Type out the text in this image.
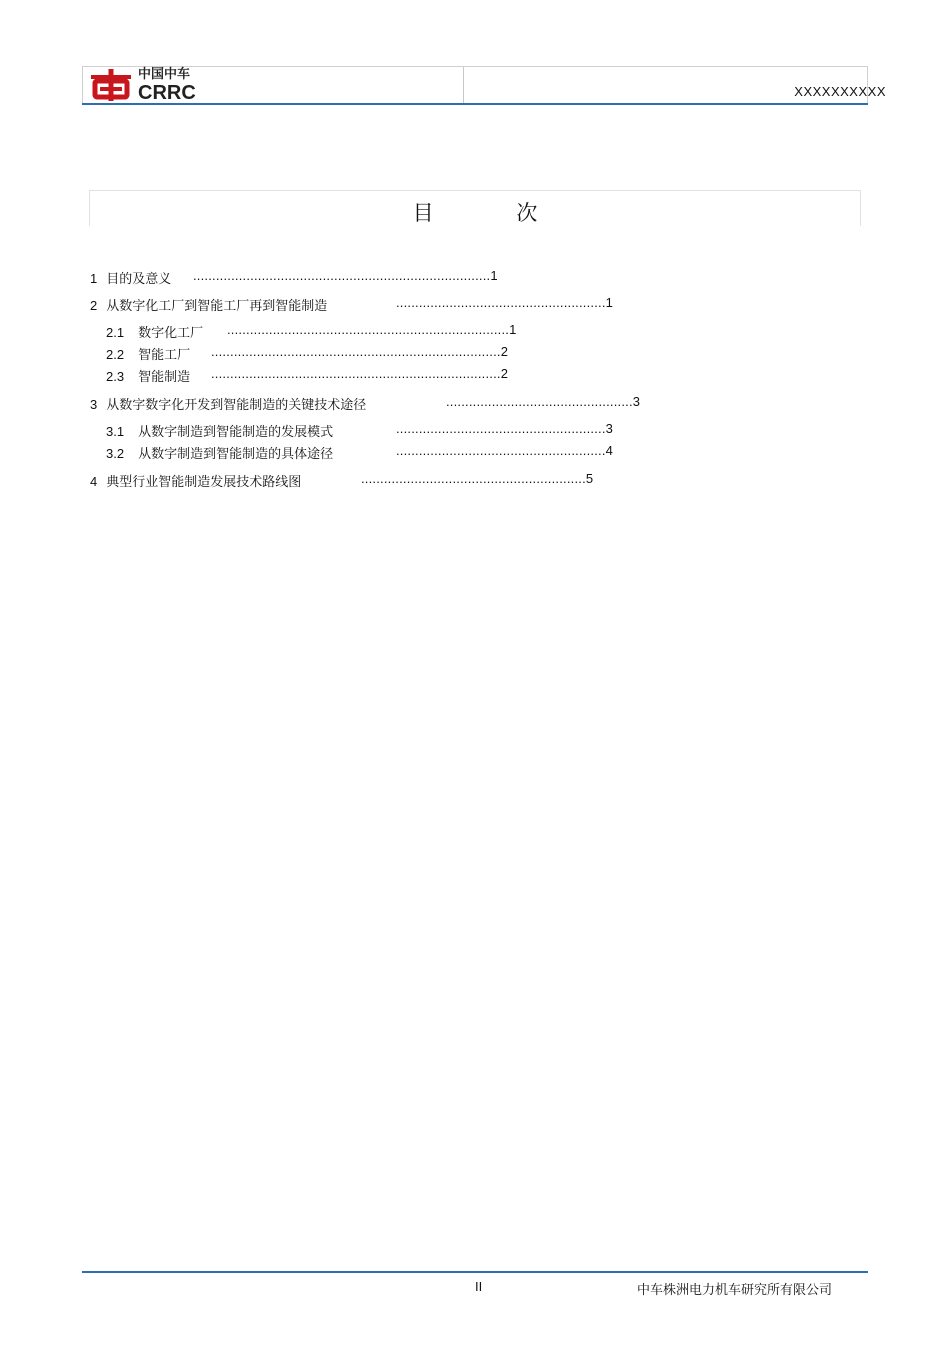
中国中车
CRRC	XXXXXXXXXX
目 次
1 目的及意义 ..............................................................................1
2 从数字化工厂到智能工厂再到智能制造	.......................................................1
2.1 数字化工厂 ..........................................................................1
2.2 智能工厂 ............................................................................2
2.3 智能制造 ............................................................................2
3 从数字数字化开发到智能制造的关键技术途径	.................................................3
3.1 从数字制造到智能制造的发展模式	.......................................................3
3.2 从数字制造到智能制造的具体途径	.......................................................4
4 典型行业智能制造发展技术路线图	...........................................................5
II	中车株洲电力机车研究所有限公司
